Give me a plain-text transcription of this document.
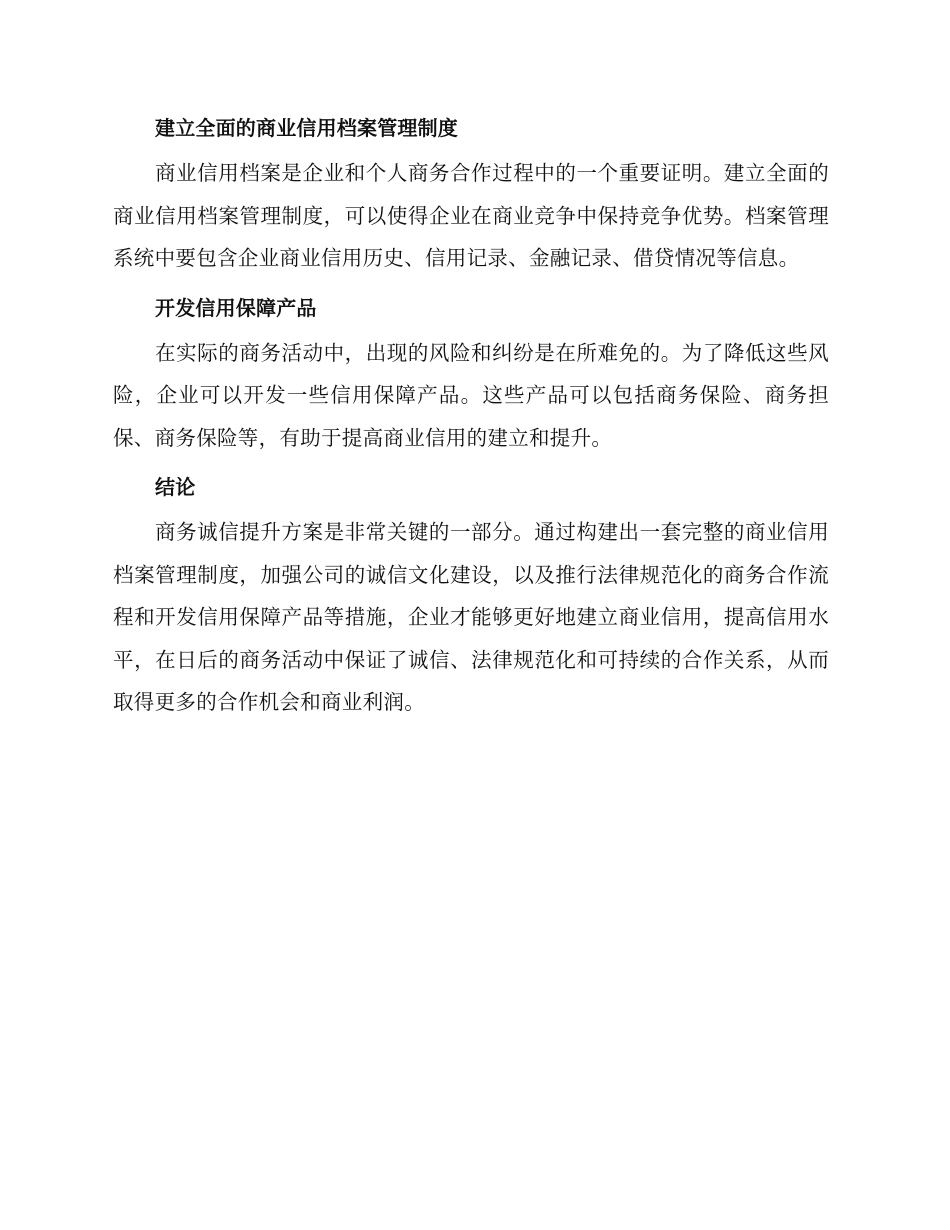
建立全面的商业信用档案管理制度

商业信用档案是企业和个人商务合作过程中的一个重要证明。建立全面的商业信用档案管理制度，可以使得企业在商业竞争中保持竞争优势。档案管理系统中要包含企业商业信用历史、信用记录、金融记录、借贷情况等信息。

开发信用保障产品

在实际的商务活动中，出现的风险和纠纷是在所难免的。为了降低这些风险，企业可以开发一些信用保障产品。这些产品可以包括商务保险、商务担保、商务保险等，有助于提高商业信用的建立和提升。

结论

商务诚信提升方案是非常关键的一部分。通过构建出一套完整的商业信用档案管理制度，加强公司的诚信文化建设，以及推行法律规范化的商务合作流程和开发信用保障产品等措施，企业才能够更好地建立商业信用，提高信用水平，在日后的商务活动中保证了诚信、法律规范化和可持续的合作关系，从而取得更多的合作机会和商业利润。
